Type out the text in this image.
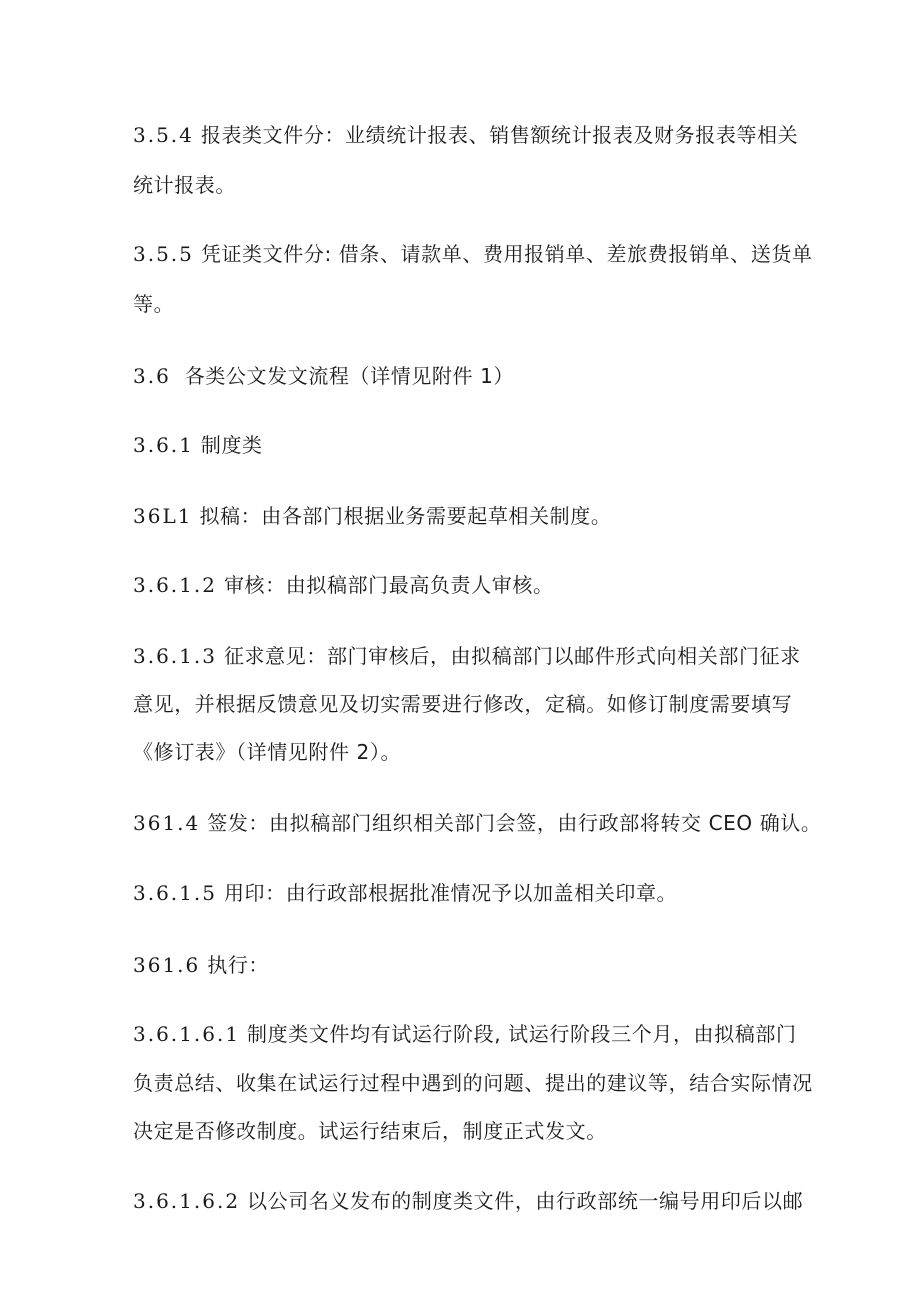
3.5.4 报表类文件分：业绩统计报表、销售额统计报表及财务报表等相关
统计报表。
3.5.5 凭证类文件分: 借条、请款单、费用报销单、差旅费报销单、送货单
等。
3.6 各类公文发文流程（详情见附件 1）
3.6.1 制度类
36L1 拟稿：由各部门根据业务需要起草相关制度。
3.6.1.2 审核：由拟稿部门最高负责人审核。
3.6.1.3 征求意见：部门审核后，由拟稿部门以邮件形式向相关部门征求
意见，并根据反馈意见及切实需要进行修改，定稿。如修订制度需要填写
《修订表》（详情见附件 2）。
361.4 签发：由拟稿部门组织相关部门会签，由行政部将转交 CEO 确认。
3.6.1.5 用印：由行政部根据批准情况予以加盖相关印章。
361.6 执行：
3.6.1.6.1 制度类文件均有试运行阶段, 试运行阶段三个月，由拟稿部门
负责总结、收集在试运行过程中遇到的问题、提出的建议等，结合实际情况
决定是否修改制度。试运行结束后，制度正式发文。
3.6.1.6.2 以公司名义发布的制度类文件，由行政部统一编号用印后以邮
